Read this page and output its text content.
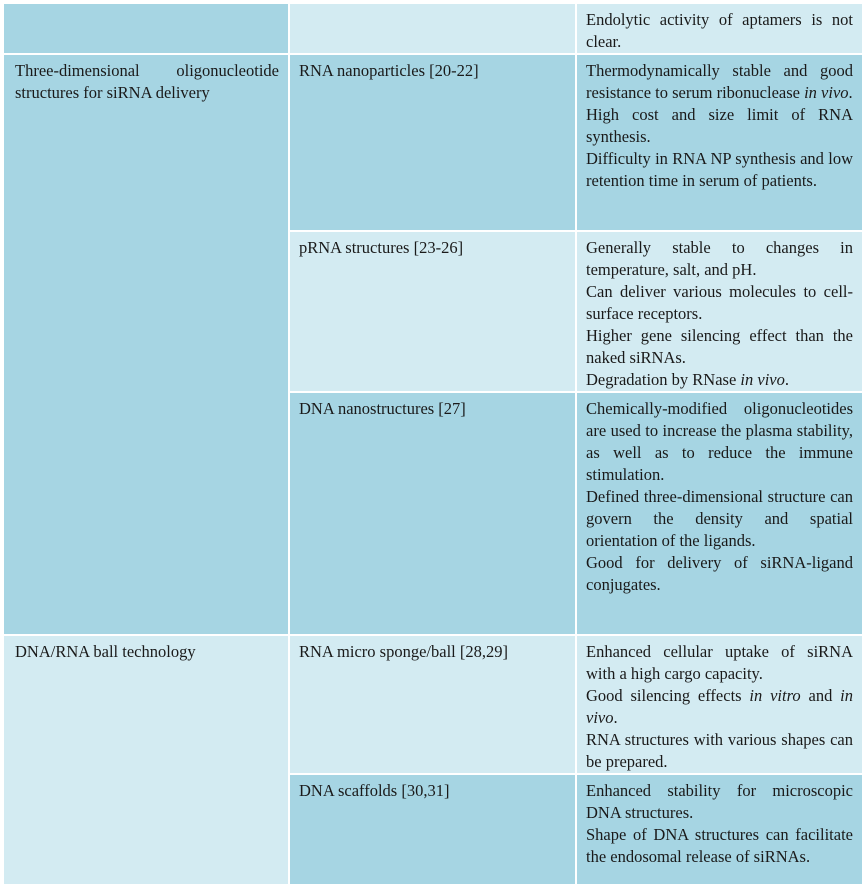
		Endolytic activity of aptamers is not clear.

Three-dimensional oligonucleotide structures for siRNA delivery	RNA nanoparticles [20-22]	Thermodynamically stable and good resistance to serum ribonuclease in vivo.

High cost and size limit of RNA synthesis.

Difficulty in RNA NP synthesis and low retention time in serum of patients.

	pRNA structures [23-26]	Generally stable to changes in temperature, salt, and pH.

Can deliver various molecules to cell-surface receptors.

Higher gene silencing effect than the naked siRNAs.

Degradation by RNase in vivo.

	DNA nanostructures [27]	Chemically-modified oligonucleotides are used to increase the plasma stability, as well as to reduce the immune stimulation.

Defined three-dimensional structure can govern the density and spatial orientation of the ligands.

Good for delivery of siRNA-ligand conjugates.

DNA/RNA ball technology	RNA micro sponge/ball [28,29]	Enhanced cellular uptake of siRNA with a high cargo capacity.

Good silencing effects in vitro and in vivo.

RNA structures with various shapes can be prepared.

	DNA scaffolds [30,31]	Enhanced stability for microscopic DNA structures.

Shape of DNA structures can facilitate the endosomal release of siRNAs.
